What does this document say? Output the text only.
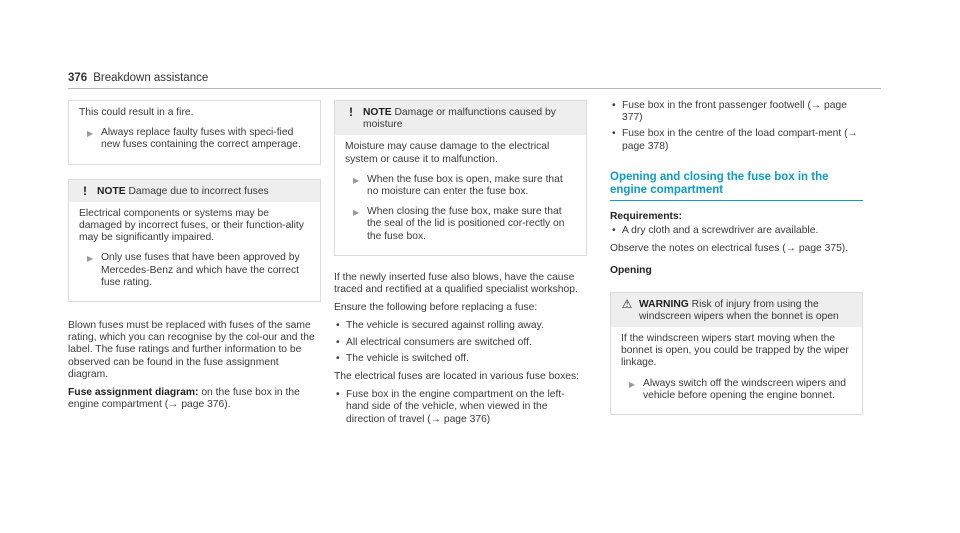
376 Breakdown assistance

This could result in a fire.

▶ Always replace faulty fuses with speci-fied new fuses containing the correct amperage.
! NOTE Damage due to incorrect fuses

Electrical components or systems may be damaged by incorrect fuses, or their function-ality may be significantly impaired.

▶ Only use fuses that have been approved by Mercedes-Benz and which have the correct fuse rating.

Blown fuses must be replaced with fuses of the same rating, which you can recognise by the col-our and the label. The fuse ratings and further information to be observed can be found in the fuse assignment diagram.

Fuse assignment diagram: on the fuse box in the engine compartment (→ page 376).

! NOTE Damage or malfunctions caused by moisture

Moisture may cause damage to the electrical system or cause it to malfunction.

▶ When the fuse box is open, make sure that no moisture can enter the fuse box.
▶ When closing the fuse box, make sure that the seal of the lid is positioned cor-rectly on the fuse box.

If the newly inserted fuse also blows, have the cause traced and rectified at a qualified specialist workshop.

Ensure the following before replacing a fuse:

• The vehicle is secured against rolling away.
• All electrical consumers are switched off.
• The vehicle is switched off.

The electrical fuses are located in various fuse boxes:

• Fuse box in the engine compartment on the left-hand side of the vehicle, when viewed in the direction of travel (→ page 376)
• Fuse box in the front passenger footwell (→ page 377)
• Fuse box in the centre of the load compart-ment (→ page 378)
Opening and closing the fuse box in the engine compartment
Requirements:
• A dry cloth and a screwdriver are available.

Observe the notes on electrical fuses (→ page 375).

Opening
⚠ WARNING Risk of injury from using the windscreen wipers when the bonnet is open

If the windscreen wipers start moving when the bonnet is open, you could be trapped by the wiper linkage.

▶ Always switch off the windscreen wipers and vehicle before opening the engine bonnet.
